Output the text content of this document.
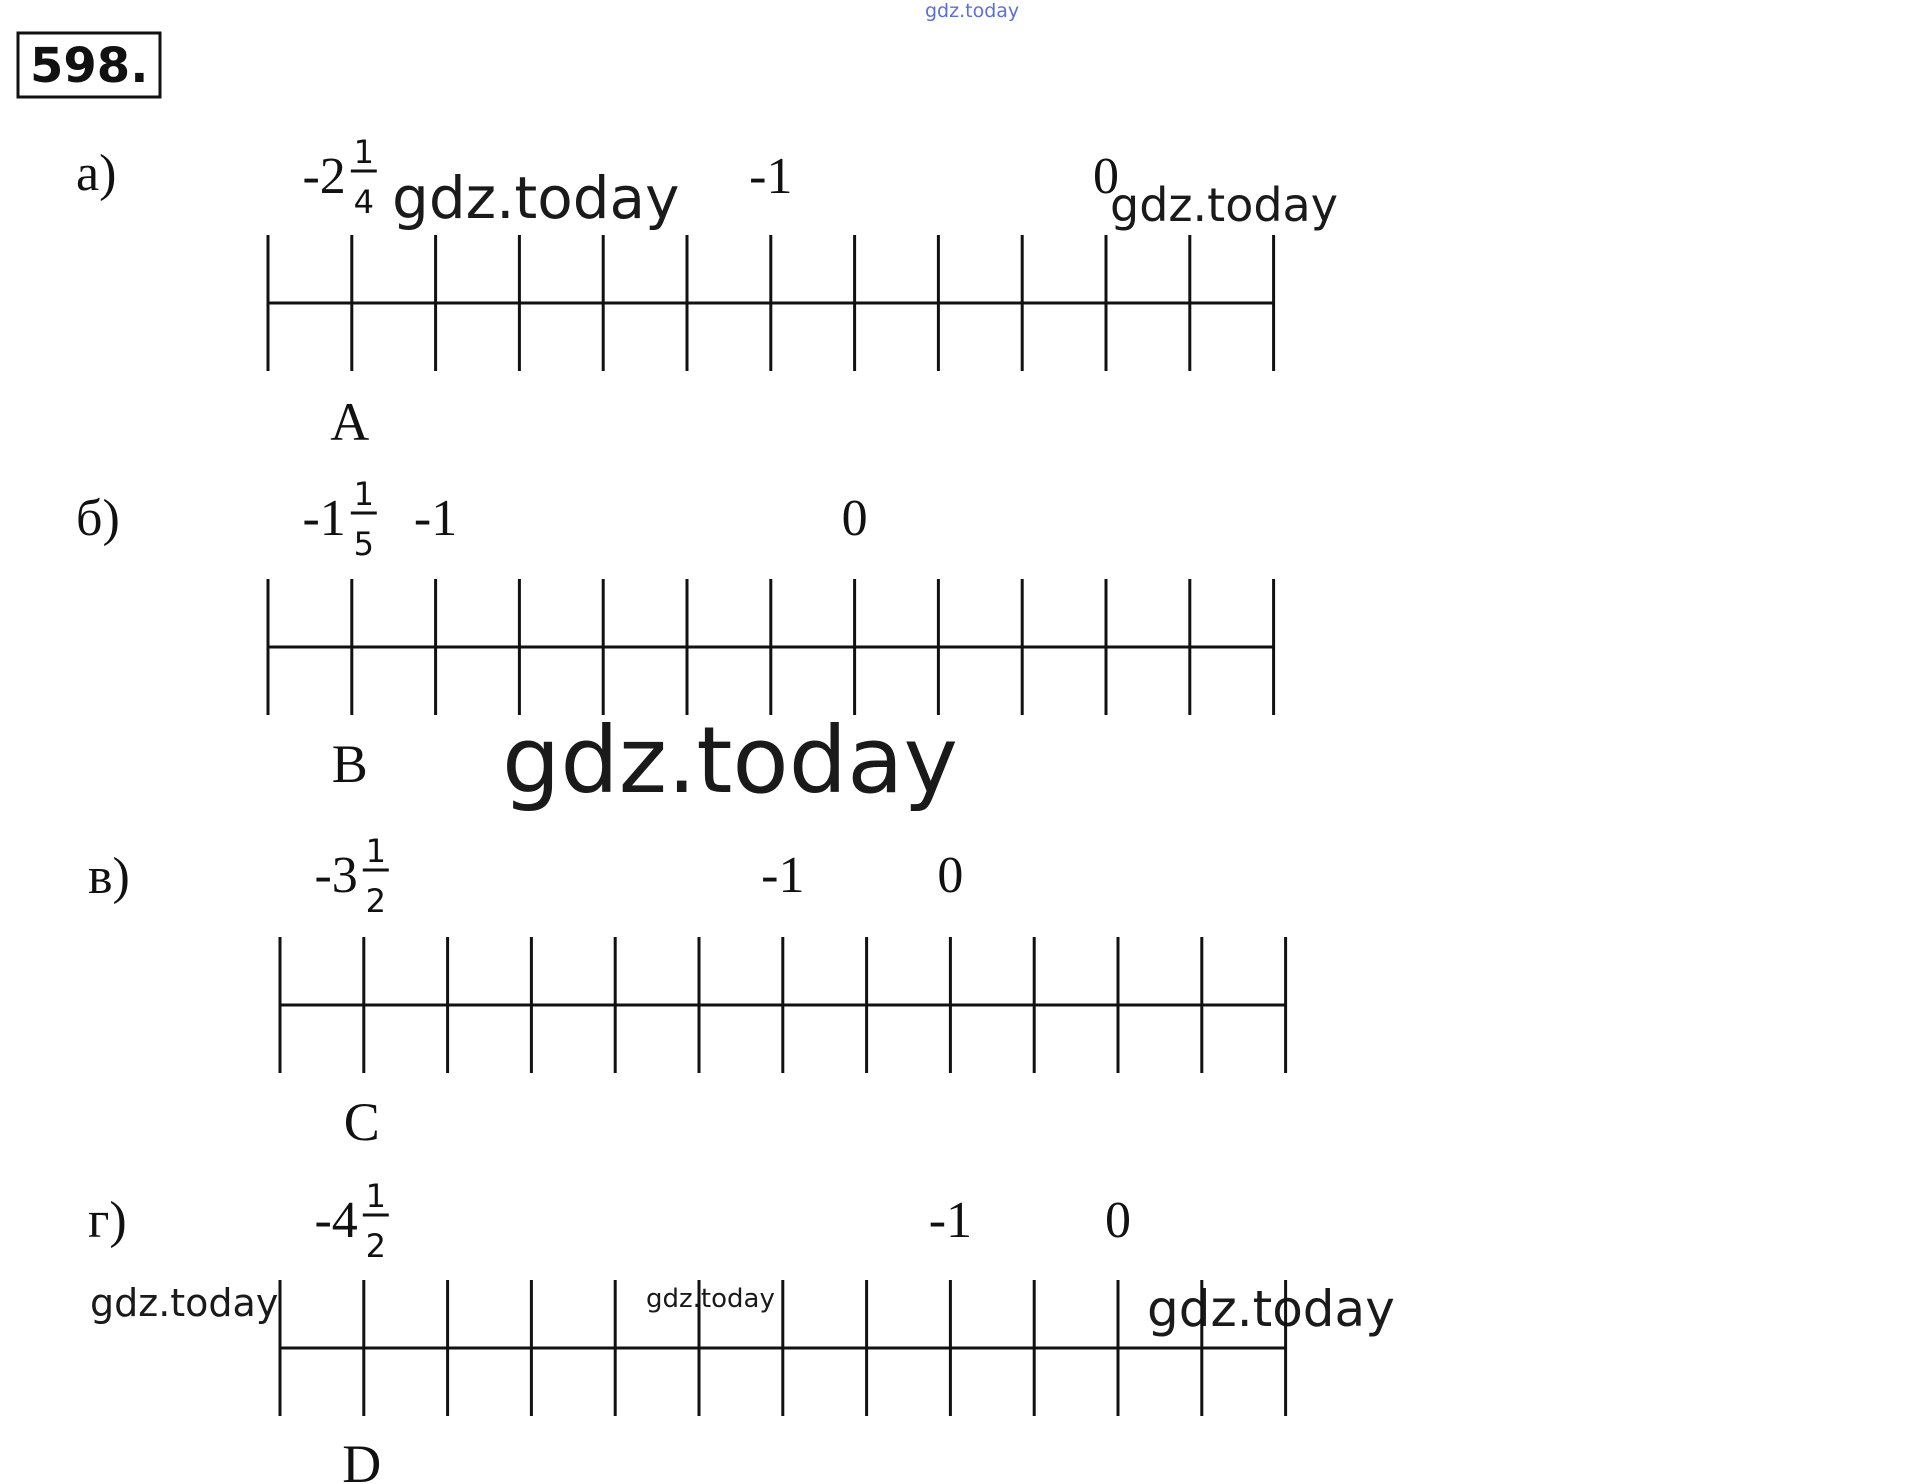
598.
gdz.today
gdz.today	gdz.today
gdz.today
gdz.today	gdz.today	gdz.today
а)
A
-2 1
4	-1	0
б)
B
-1 1
5 -1	0
в)
C
-3 1
2	-1	0
г)
D
-4 1
2	-1	0
